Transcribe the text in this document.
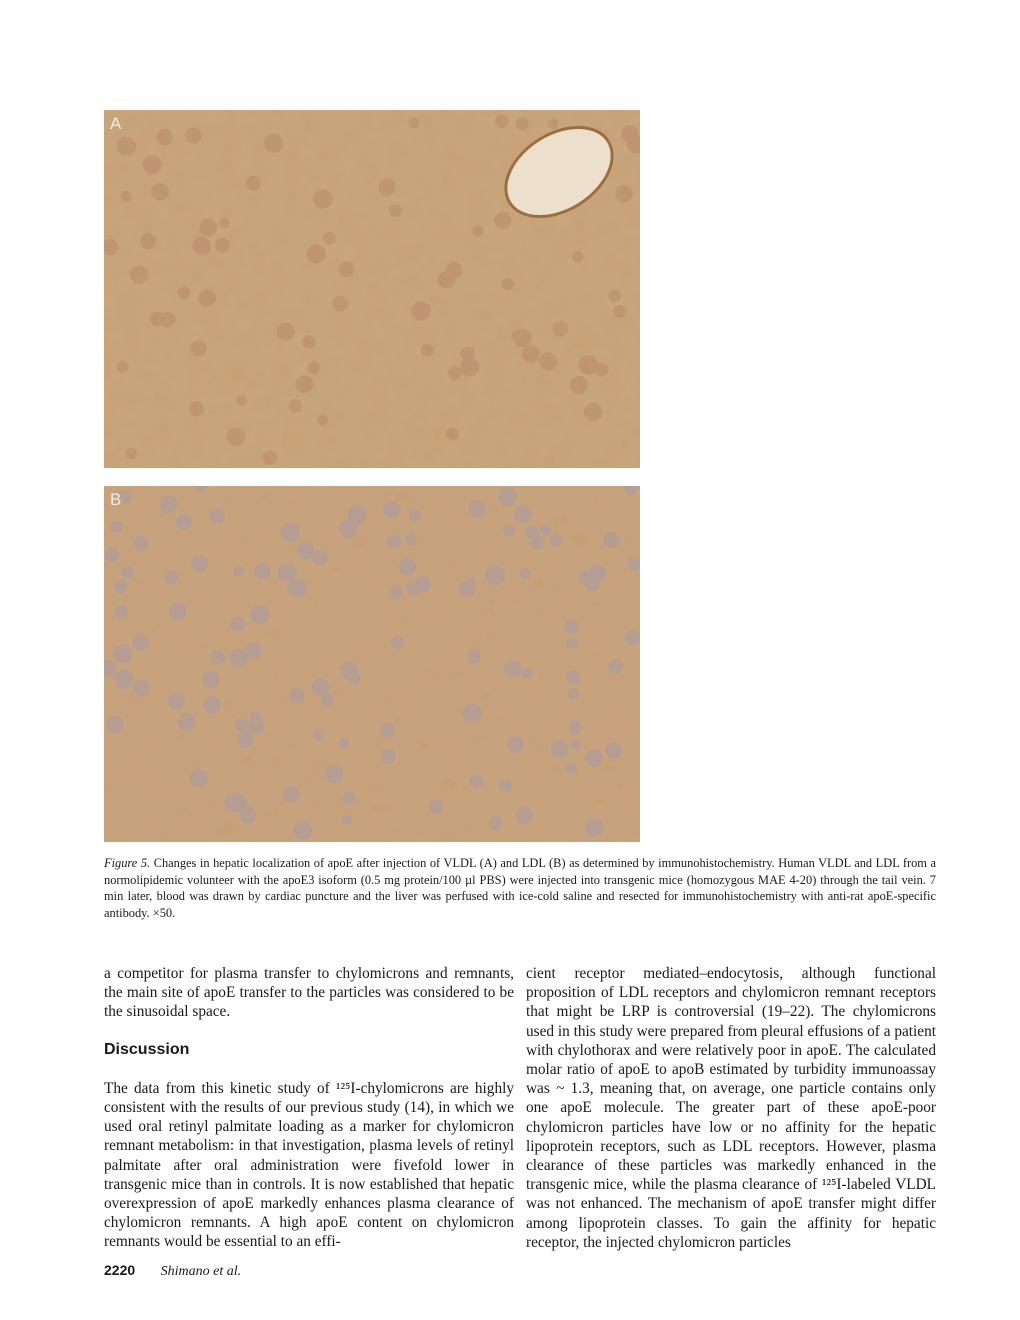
A
B

Figure 5. Changes in hepatic localization of apoE after injection of VLDL (A) and LDL (B) as determined by immunohistochemistry. Human VLDL and LDL from a normolipidemic volunteer with the apoE3 isoform (0.5 mg protein/100 µl PBS) were injected into transgenic mice (homozygous MAE 4-20) through the tail vein. 7 min later, blood was drawn by cardiac puncture and the liver was perfused with ice-cold saline and resected for immunohistochemistry with anti-rat apoE-specific antibody. ×50.

a competitor for plasma transfer to chylomicrons and remnants, the main site of apoE transfer to the particles was considered to be the sinusoidal space.

Discussion

The data from this kinetic study of ¹²⁵I-chylomicrons are highly consistent with the results of our previous study (14), in which we used oral retinyl palmitate loading as a marker for chylomicron remnant metabolism: in that investigation, plasma levels of retinyl palmitate after oral administration were fivefold lower in transgenic mice than in controls. It is now established that hepatic overexpression of apoE markedly enhances plasma clearance of chylomicron remnants. A high apoE content on chylomicron remnants would be essential to an effi-

cient receptor mediated–endocytosis, although functional proposition of LDL receptors and chylomicron remnant receptors that might be LRP is controversial (19–22). The chylomicrons used in this study were prepared from pleural effusions of a patient with chylothorax and were relatively poor in apoE. The calculated molar ratio of apoE to apoB estimated by turbidity immunoassay was ~ 1.3, meaning that, on average, one particle contains only one apoE molecule. The greater part of these apoE-poor chylomicron particles have low or no affinity for the hepatic lipoprotein receptors, such as LDL receptors. However, plasma clearance of these particles was markedly enhanced in the transgenic mice, while the plasma clearance of ¹²⁵I-labeled VLDL was not enhanced. The mechanism of apoE transfer might differ among lipoprotein classes. To gain the affinity for hepatic receptor, the injected chylomicron particles

2220 Shimano et al.
